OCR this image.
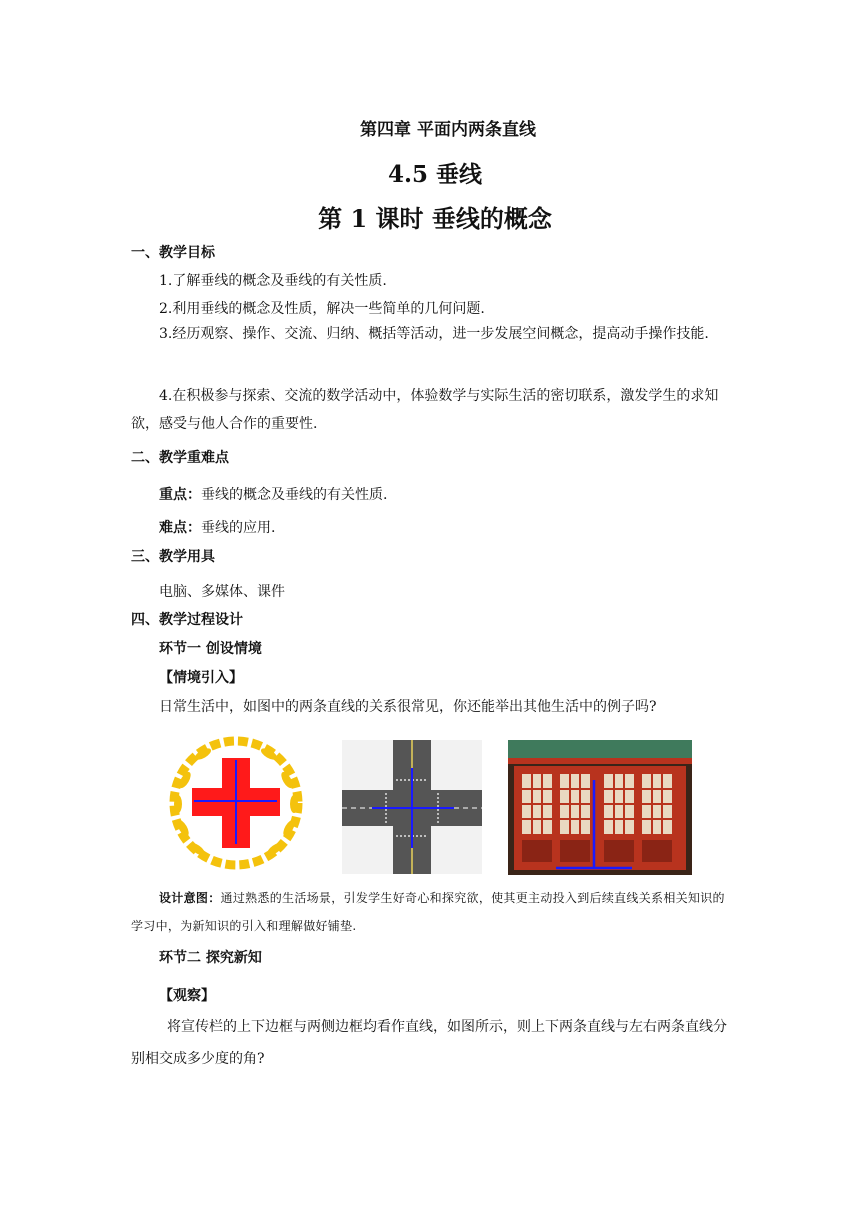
第四章 平面内两条直线
4.5 垂线
第 1 课时 垂线的概念
一、教学目标
1.了解垂线的概念及垂线的有关性质.
2.利用垂线的概念及性质，解决一些简单的几何问题.
3.经历观察、操作、交流、归纳、概括等活动，进一步发展空间概念，提高动手操作技能.
4.在积极参与探索、交流的数学活动中，体验数学与实际生活的密切联系，激发学生的求知欲，感受与他人合作的重要性.
二、教学重难点
重点：垂线的概念及垂线的有关性质.
难点：垂线的应用.
三、教学用具
电脑、多媒体、课件
四、教学过程设计
环节一 创设情境
【情境引入】
日常生活中，如图中的两条直线的关系很常见，你还能举出其他生活中的例子吗?
设计意图：通过熟悉的生活场景，引发学生好奇心和探究欲，使其更主动投入到后续直线关系相关知识的学习中，为新知识的引入和理解做好铺垫.
环节二 探究新知
【观察】
将宣传栏的上下边框与两侧边框均看作直线，如图所示，则上下两条直线与左右两条直线分别相交成多少度的角?
